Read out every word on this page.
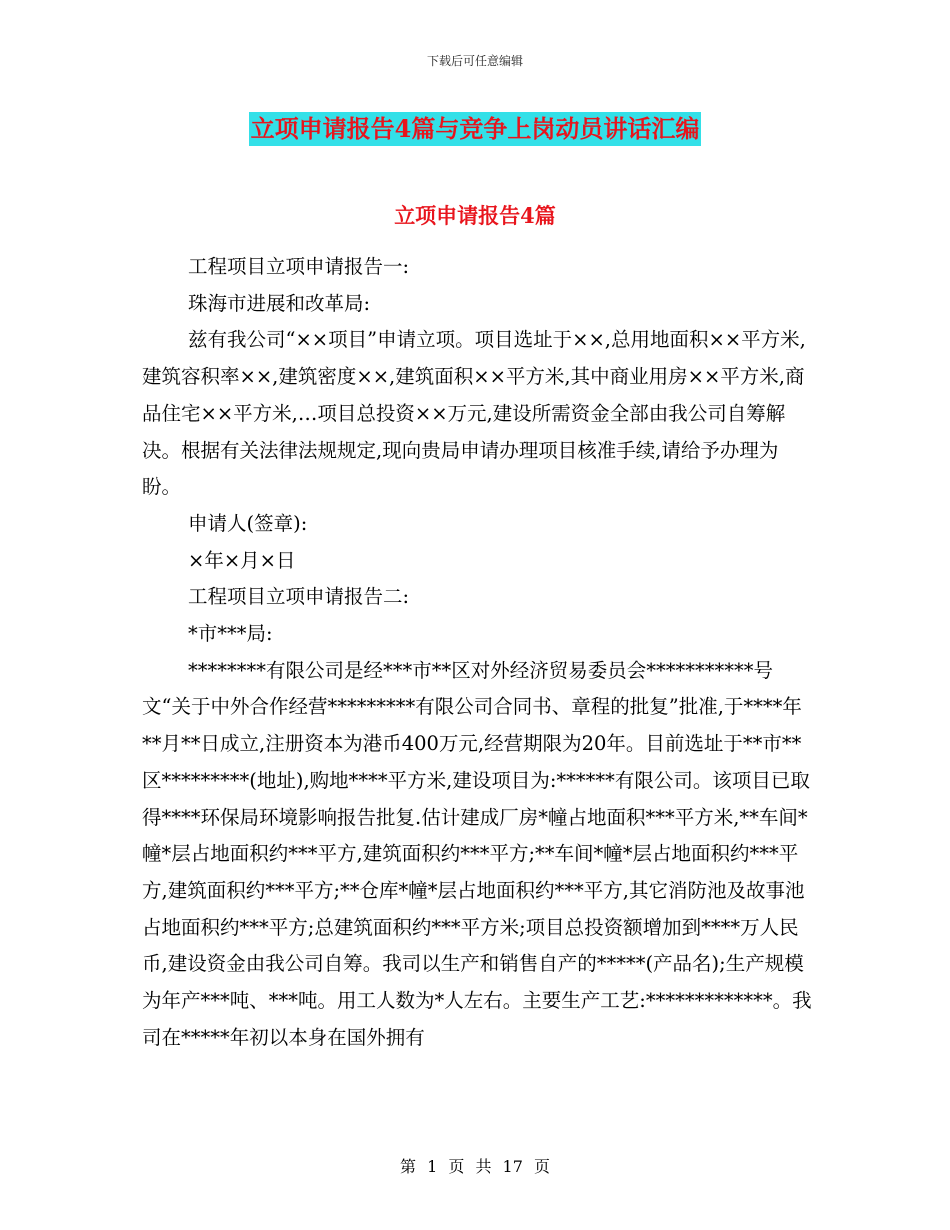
下载后可任意编辑
立项申请报告4篇与竞争上岗动员讲话汇编
立项申请报告4篇

工程项目立项申请报告一:

珠海市进展和改革局:

兹有我公司“××项目”申请立项。项目选址于××,总用地面积××平方米,建筑容积率××,建筑密度××,建筑面积××平方米,其中商业用房××平方米,商品住宅××平方米,…项目总投资××万元,建设所需资金全部由我公司自筹解决。根据有关法律法规规定,现向贵局申请办理项目核准手续,请给予办理为盼。

申请人(签章):

×年×月×日

工程项目立项申请报告二:

*市***局:

********有限公司是经***市**区对外经济贸易委员会***********号文“关于中外合作经营*********有限公司合同书、章程的批复”批准,于****年**月**日成立,注册资本为港币400万元,经营期限为20年。目前选址于**市**区*********(地址),购地****平方米,建设项目为:******有限公司。该项目已取得****环保局环境影响报告批复.估计建成厂房*幢占地面积***平方米,**车间*幢*层占地面积约***平方,建筑面积约***平方;**车间*幢*层占地面积约***平方,建筑面积约***平方;**仓库*幢*层占地面积约***平方,其它消防池及故事池占地面积约***平方;总建筑面积约***平方米;项目总投资额增加到****万人民币,建设资金由我公司自筹。我司以生产和销售自产的*****(产品名);生产规模为年产***吨、***吨。用工人数为*人左右。主要生产工艺:*************。我司在*****年初以本身在国外拥有

第 1 页 共 17 页
